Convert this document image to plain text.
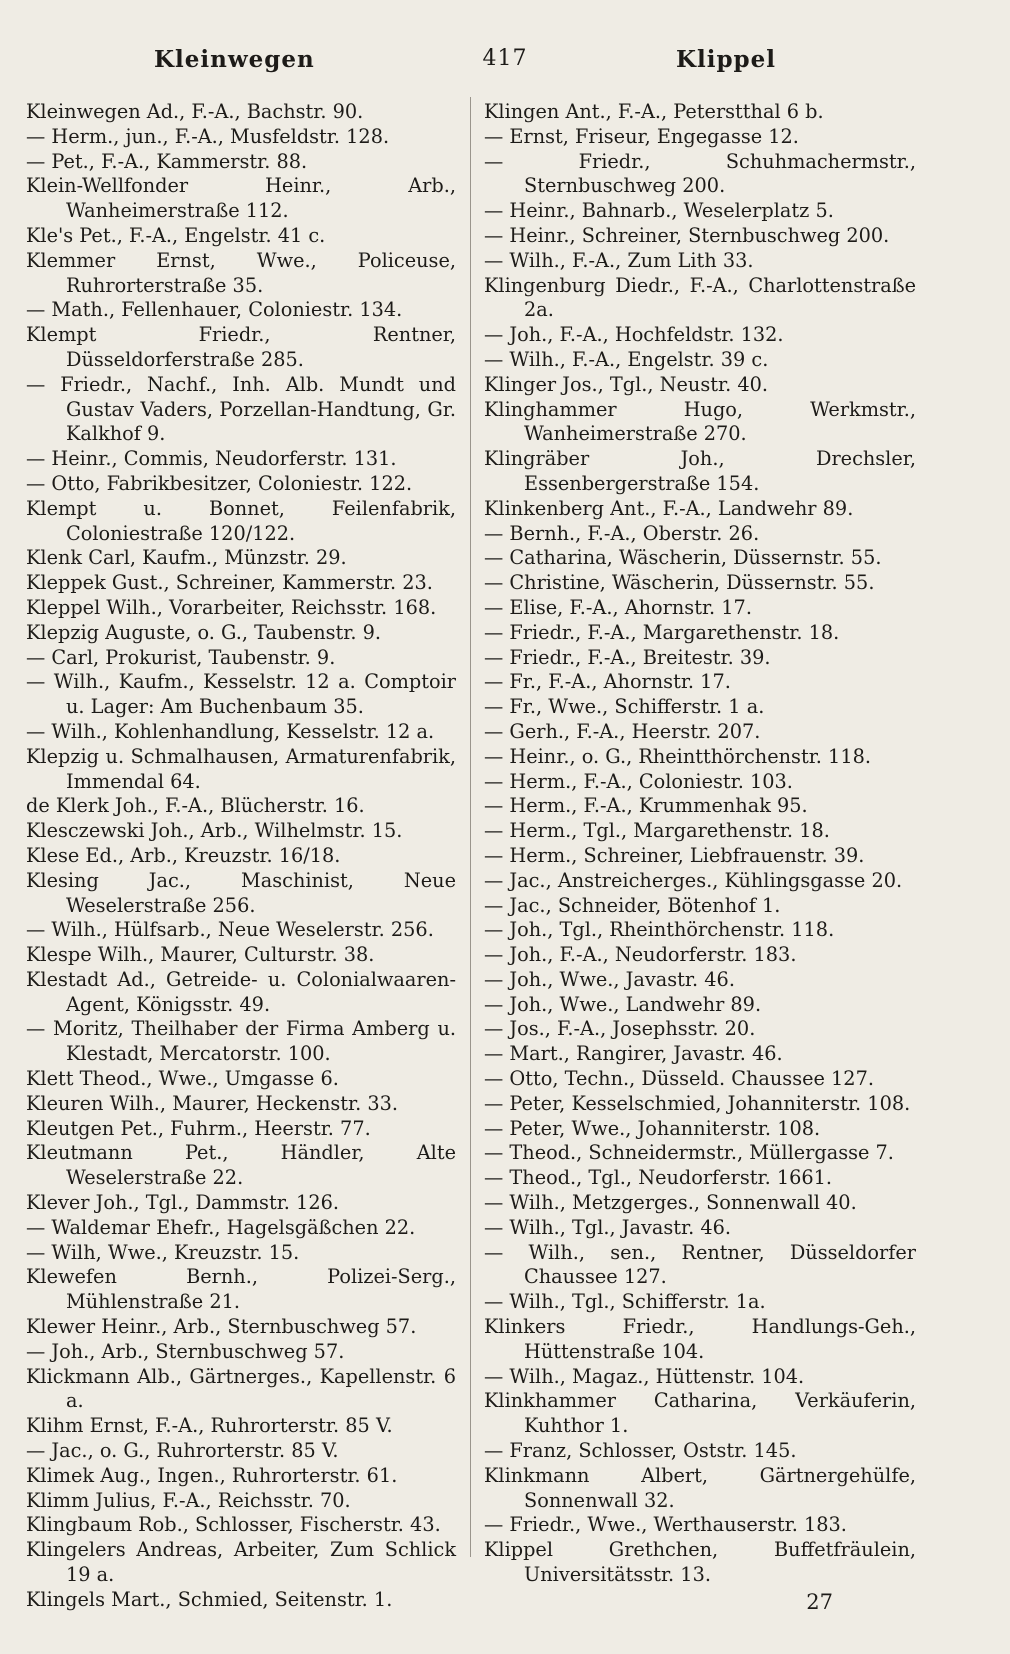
Kleinwegen	417	Klippel

Kleinwegen Ad., F.-A., Bachstr. 90.

— Herm., jun., F.-A., Musfeldstr. 128.

— Pet., F.-A., Kammerstr. 88.

Klein-Wellfonder Heinr., Arb., Wanheimerstraße 112.

Kle's Pet., F.-A., Engelstr. 41 c.

Klemmer Ernst, Wwe., Policeuse, Ruhrorterstraße 35.

— Math., Fellenhauer, Coloniestr. 134.

Klempt Friedr., Rentner, Düsseldorferstraße 285.

— Friedr., Nachf., Inh. Alb. Mundt und Gustav Vaders, Porzellan-Handtung, Gr. Kalkhof 9.

— Heinr., Commis, Neudorferstr. 131.

— Otto, Fabrikbesitzer, Coloniestr. 122.

Klempt u. Bonnet, Feilenfabrik, Coloniestraße 120/122.

Klenk Carl, Kaufm., Münzstr. 29.

Kleppek Gust., Schreiner, Kammerstr. 23.

Kleppel Wilh., Vorarbeiter, Reichsstr. 168.

Klepzig Auguste, o. G., Taubenstr. 9.

— Carl, Prokurist, Taubenstr. 9.

— Wilh., Kaufm., Kesselstr. 12 a. Comptoir u. Lager: Am Buchenbaum 35.

— Wilh., Kohlenhandlung, Kesselstr. 12 a.

Klepzig u. Schmalhausen, Armaturenfabrik, Immendal 64.

de Klerk Joh., F.-A., Blücherstr. 16.

Klesczewski Joh., Arb., Wilhelmstr. 15.

Klese Ed., Arb., Kreuzstr. 16/18.

Klesing Jac., Maschinist, Neue Weselerstraße 256.

— Wilh., Hülfsarb., Neue Weselerstr. 256.

Klespe Wilh., Maurer, Culturstr. 38.

Klestadt Ad., Getreide- u. Colonialwaaren-Agent, Königsstr. 49.

— Moritz, Theilhaber der Firma Amberg u. Klestadt, Mercatorstr. 100.

Klett Theod., Wwe., Umgasse 6.

Kleuren Wilh., Maurer, Heckenstr. 33.

Kleutgen Pet., Fuhrm., Heerstr. 77.

Kleutmann Pet., Händler, Alte Weselerstraße 22.

Klever Joh., Tgl., Dammstr. 126.

— Waldemar Ehefr., Hagelsgäßchen 22.

— Wilh, Wwe., Kreuzstr. 15.

Klewefen Bernh., Polizei-Serg., Mühlenstraße 21.

Klewer Heinr., Arb., Sternbuschweg 57.

— Joh., Arb., Sternbuschweg 57.

Klickmann Alb., Gärtnerges., Kapellenstr. 6 a.

Klihm Ernst, F.-A., Ruhrorterstr. 85 V.

— Jac., o. G., Ruhrorterstr. 85 V.

Klimek Aug., Ingen., Ruhrorterstr. 61.

Klimm Julius, F.-A., Reichsstr. 70.

Klingbaum Rob., Schlosser, Fischerstr. 43.

Klingelers Andreas, Arbeiter, Zum Schlick 19 a.

Klingels Mart., Schmied, Seitenstr. 1.

Klingen Ant., F.-A., Peterstthal 6 b.

— Ernst, Friseur, Engegasse 12.

— Friedr., Schuhmachermstr., Sternbuschweg 200.

— Heinr., Bahnarb., Weselerplatz 5.

— Heinr., Schreiner, Sternbuschweg 200.

— Wilh., F.-A., Zum Lith 33.

Klingenburg Diedr., F.-A., Charlottenstraße 2a.

— Joh., F.-A., Hochfeldstr. 132.

— Wilh., F.-A., Engelstr. 39 c.

Klinger Jos., Tgl., Neustr. 40.

Klinghammer Hugo, Werkmstr., Wanheimerstraße 270.

Klingräber Joh., Drechsler, Essenbergerstraße 154.

Klinkenberg Ant., F.-A., Landwehr 89.

— Bernh., F.-A., Oberstr. 26.

— Catharina, Wäscherin, Düssernstr. 55.

— Christine, Wäscherin, Düssernstr. 55.

— Elise, F.-A., Ahornstr. 17.

— Friedr., F.-A., Margarethenstr. 18.

— Friedr., F.-A., Breitestr. 39.

— Fr., F.-A., Ahornstr. 17.

— Fr., Wwe., Schifferstr. 1 a.

— Gerh., F.-A., Heerstr. 207.

— Heinr., o. G., Rheintthörchenstr. 118.

— Herm., F.-A., Coloniestr. 103.

— Herm., F.-A., Krummenhak 95.

— Herm., Tgl., Margarethenstr. 18.

— Herm., Schreiner, Liebfrauenstr. 39.

— Jac., Anstreicherges., Kühlingsgasse 20.

— Jac., Schneider, Bötenhof 1.

— Joh., Tgl., Rheinthörchenstr. 118.

— Joh., F.-A., Neudorferstr. 183.

— Joh., Wwe., Javastr. 46.

— Joh., Wwe., Landwehr 89.

— Jos., F.-A., Josephsstr. 20.

— Mart., Rangirer, Javastr. 46.

— Otto, Techn., Düsseld. Chaussee 127.

— Peter, Kesselschmied, Johanniterstr. 108.

— Peter, Wwe., Johanniterstr. 108.

— Theod., Schneidermstr., Müllergasse 7.

— Theod., Tgl., Neudorferstr. 1661.

— Wilh., Metzgerges., Sonnenwall 40.

— Wilh., Tgl., Javastr. 46.

— Wilh., sen., Rentner, Düsseldorfer Chaussee 127.

— Wilh., Tgl., Schifferstr. 1a.

Klinkers Friedr., Handlungs-Geh., Hüttenstraße 104.

— Wilh., Magaz., Hüttenstr. 104.

Klinkhammer Catharina, Verkäuferin, Kuhthor 1.

— Franz, Schlosser, Oststr. 145.

Klinkmann Albert, Gärtnergehülfe, Sonnenwall 32.

— Friedr., Wwe., Werthauserstr. 183.

Klippel Grethchen, Buffetfräulein, Universitätsstr. 13.

27
